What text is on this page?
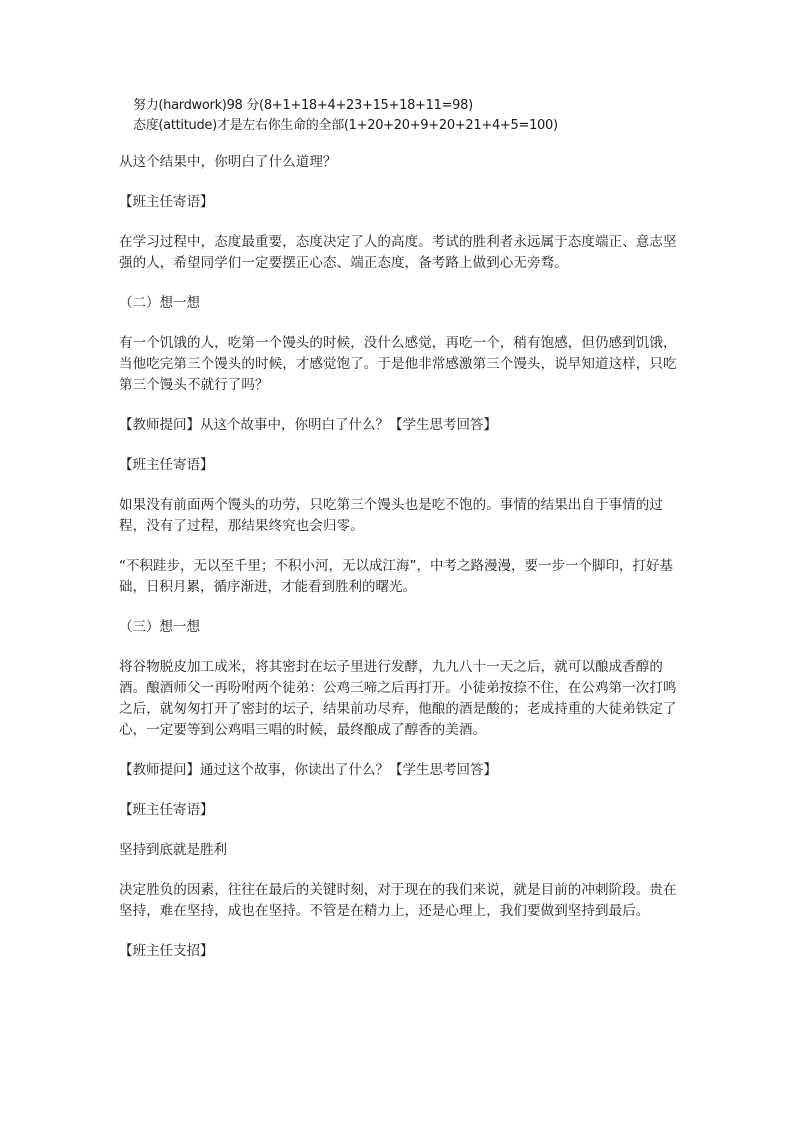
努力(hardwork)98 分(8+1+18+4+23+15+18+11=98)
态度(attitude)才是左右你生命的全部(1+20+20+9+20+21+4+5=100)

从这个结果中，你明白了什么道理？

【班主任寄语】

在学习过程中，态度最重要，态度决定了人的高度。考试的胜利者永远属于态度端正、意志坚强的人，希望同学们一定要摆正心态、端正态度，备考路上做到心无旁骛。

（二）想一想

有一个饥饿的人，吃第一个馒头的时候，没什么感觉，再吃一个，稍有饱感，但仍感到饥饿，当他吃完第三个馒头的时候，才感觉饱了。于是他非常感激第三个馒头，说早知道这样，只吃第三个馒头不就行了吗？

【教师提问】从这个故事中，你明白了什么？【学生思考回答】

【班主任寄语】

如果没有前面两个馒头的功劳，只吃第三个馒头也是吃不饱的。事情的结果出自于事情的过程，没有了过程，那结果终究也会归零。

“不积跬步，无以至千里；不积小河，无以成江海”，中考之路漫漫，要一步一个脚印，打好基础，日积月累，循序渐进，才能看到胜利的曙光。

（三）想一想

将谷物脱皮加工成米，将其密封在坛子里进行发酵，九九八十一天之后，就可以酿成香醇的酒。酿酒师父一再吩咐两个徒弟：公鸡三啼之后再打开。小徒弟按捺不住，在公鸡第一次打鸣之后，就匆匆打开了密封的坛子，结果前功尽弃，他酿的酒是酸的；老成持重的大徒弟铁定了心，一定要等到公鸡唱三唱的时候，最终酿成了醇香的美酒。

【教师提问】通过这个故事，你读出了什么？【学生思考回答】

【班主任寄语】

坚持到底就是胜利

决定胜负的因素，往往在最后的关键时刻，对于现在的我们来说，就是目前的冲刺阶段。贵在坚持，难在坚持，成也在坚持。不管是在精力上，还是心理上，我们要做到坚持到最后。

【班主任支招】
